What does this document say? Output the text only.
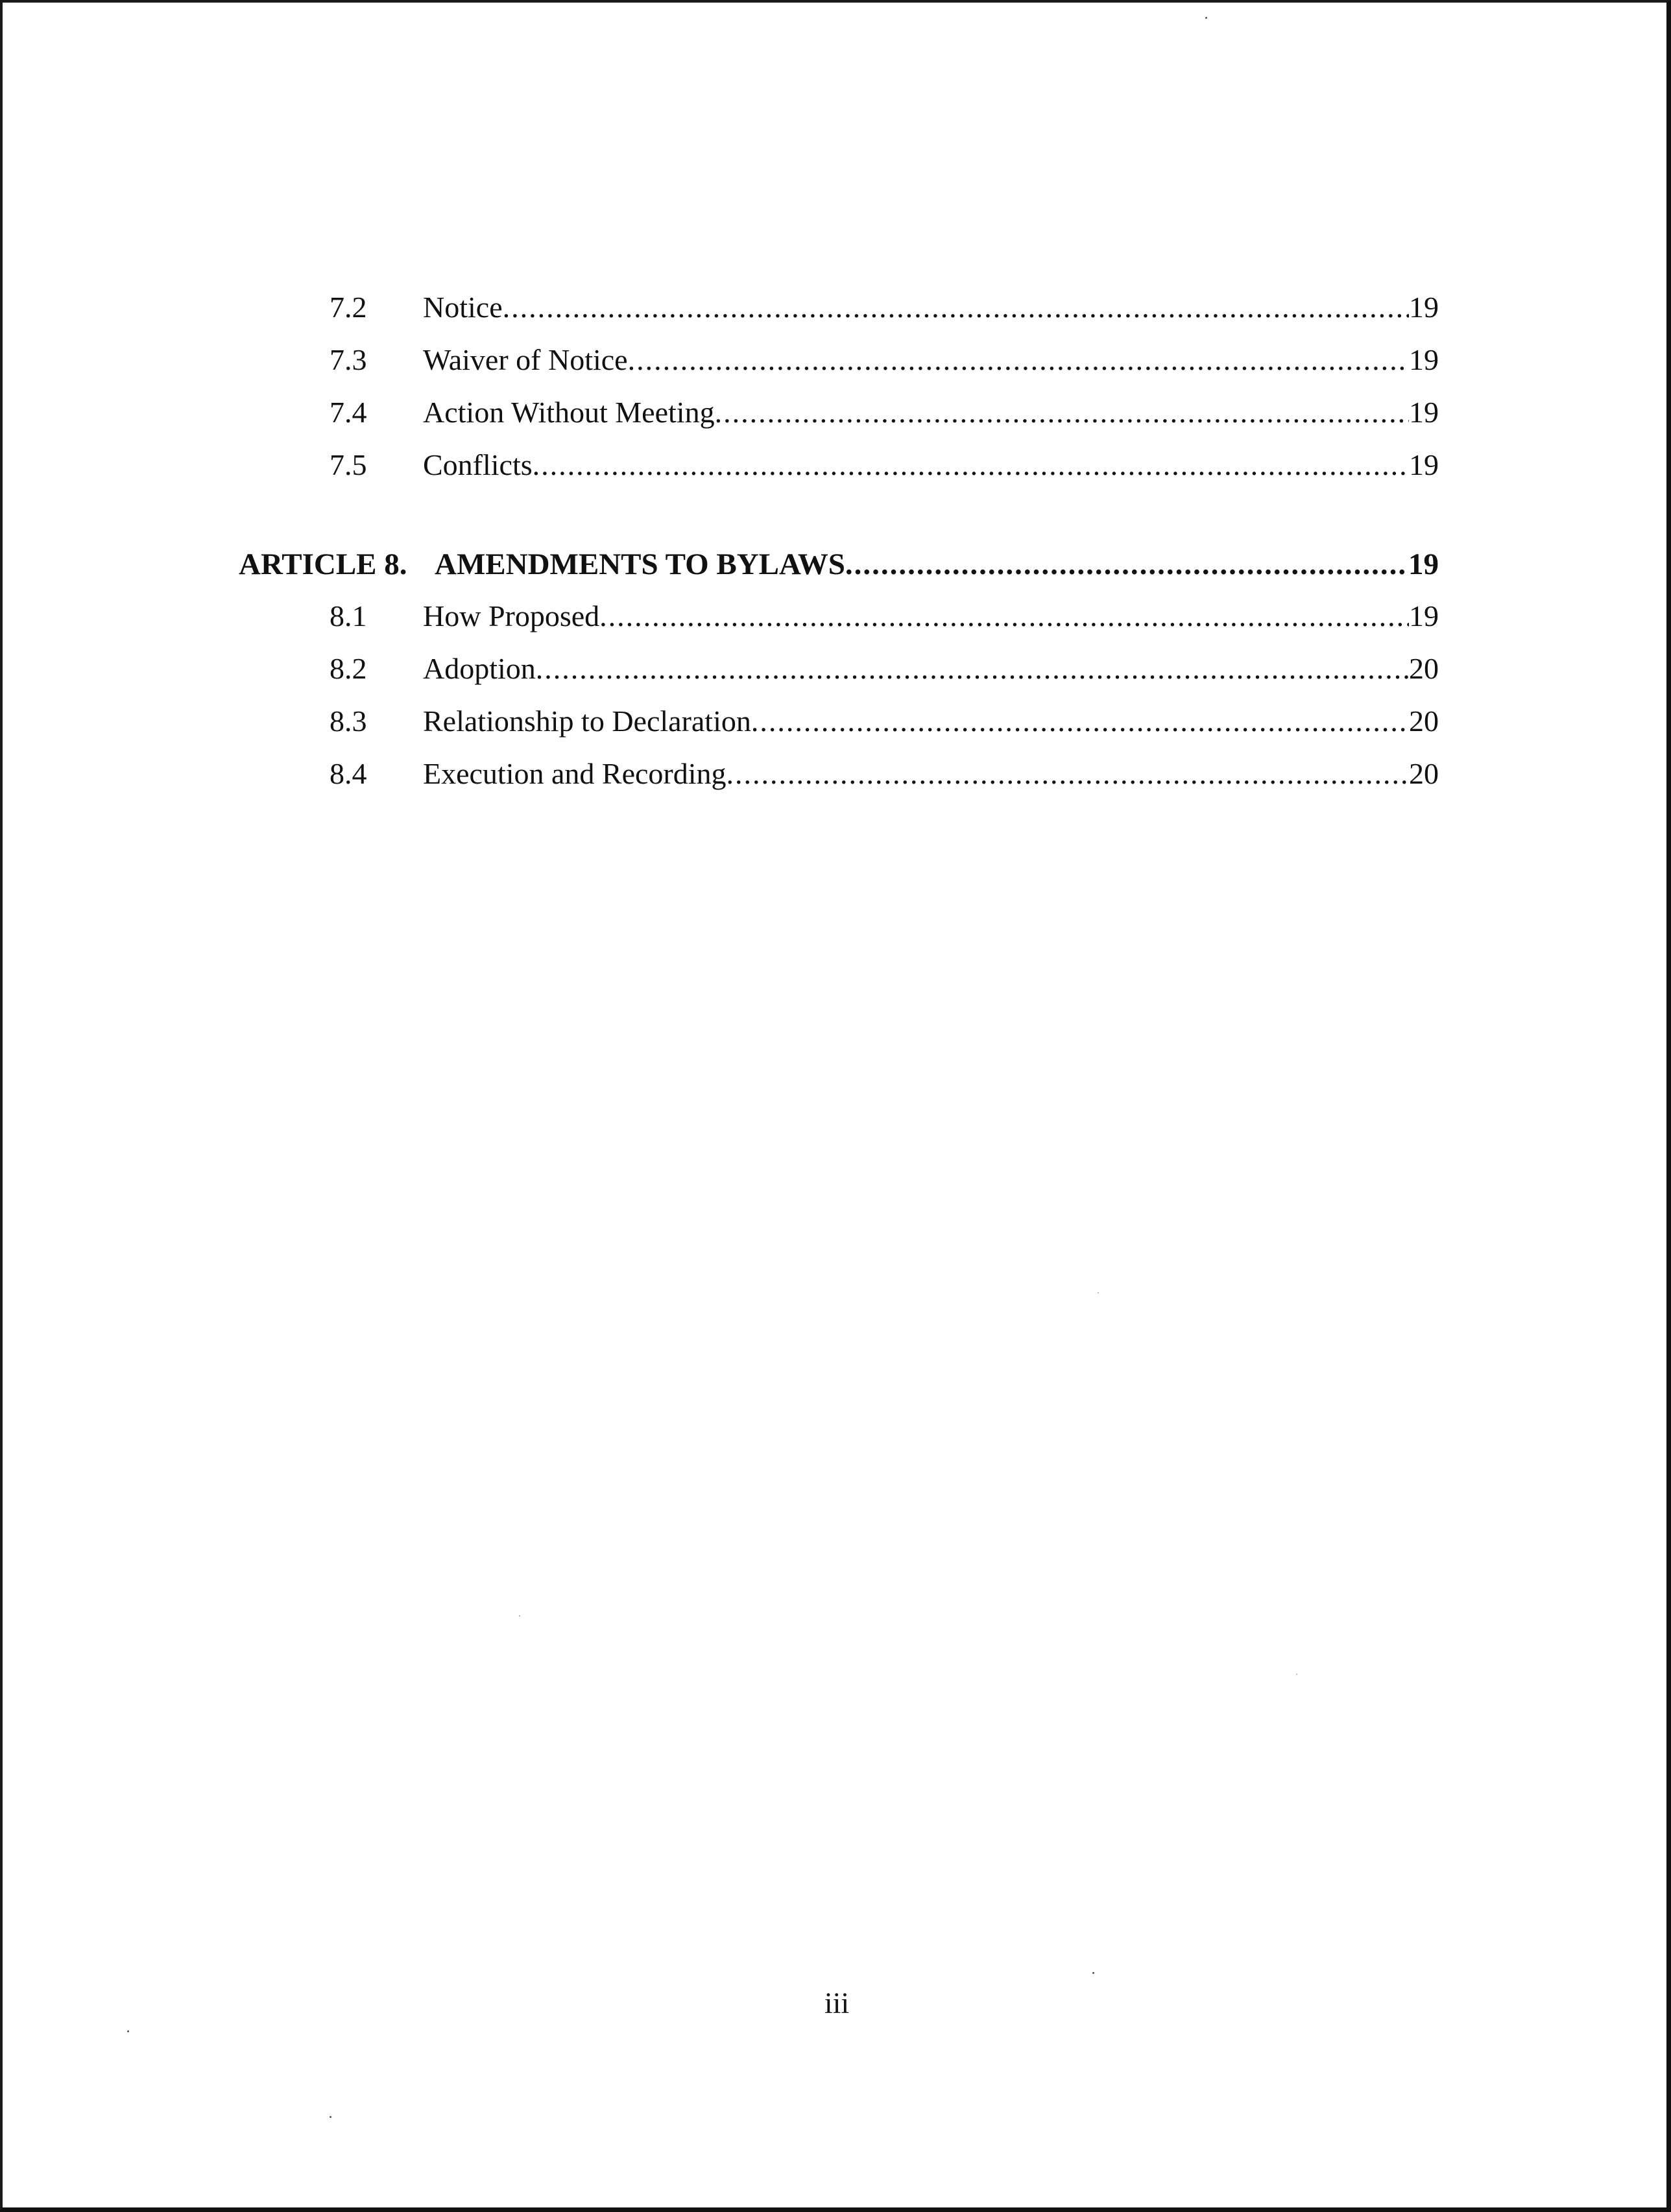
7.2 Notice .....	19
7.3 Waiver of Notice .....	19
7.4 Action Without Meeting .....	19
7.5 Conflicts .....	19
ARTICLE 8. AMENDMENTS TO BYLAWS .....	19
8.1 How Proposed .....	19
8.2 Adoption .....	20
8.3 Relationship to Declaration .....	20
8.4 Execution and Recording .....	20
iii
